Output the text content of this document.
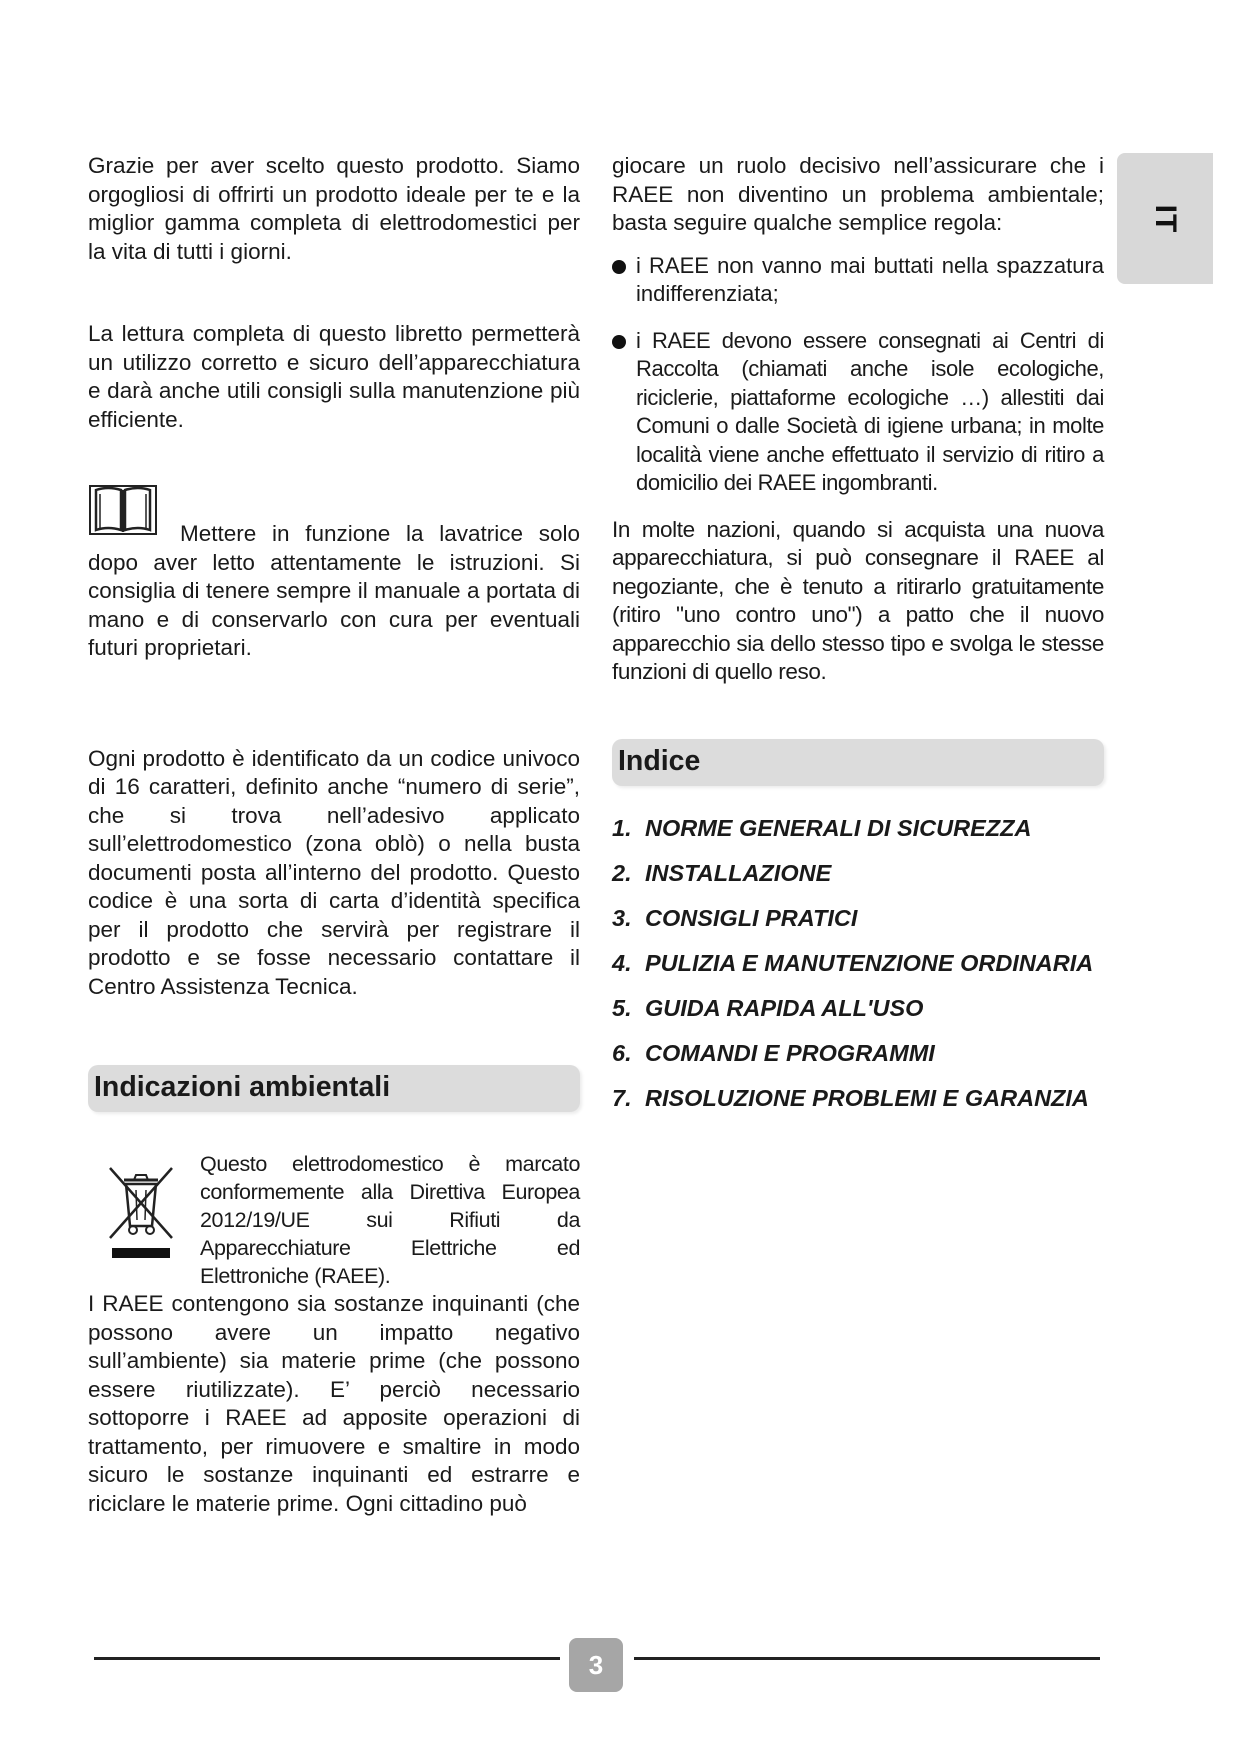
IT

Grazie per aver scelto questo prodotto. Siamo orgogliosi di offrirti un prodotto ideale per te e la miglior gamma completa di elettrodomestici per la vita di tutti i giorni.

La lettura completa di questo libretto permetterà un utilizzo corretto e sicuro dell’apparecchiatura e darà anche utili consigli sulla manutenzione più efficiente.

Mettere in funzione la lavatrice solo dopo aver letto attentamente le istruzioni. Si consiglia di tenere sempre il manuale a portata di mano e di conservarlo con cura per eventuali futuri proprietari.

Ogni prodotto è identificato da un codice univoco di 16 caratteri, definito anche “numero di serie”, che si trova nell’adesivo applicato sull’elettrodomestico (zona oblò) o nella busta documenti posta all’interno del prodotto. Questo codice è una sorta di carta d’identità specifica per il prodotto che servirà per registrare il prodotto e se fosse necessario contattare il Centro Assistenza Tecnica.

Indicazioni ambientali

Questo elettrodomestico è marcato conformemente alla Direttiva Europea 2012/19/UE sui Rifiuti da Apparecchiature Elettriche ed Elettroniche (RAEE).

I RAEE contengono sia sostanze inquinanti (che possono avere un impatto negativo sull’ambiente) sia materie prime (che possono essere riutilizzate). E’ perciò necessario sottoporre i RAEE ad apposite operazioni di trattamento, per rimuovere e smaltire in modo sicuro le sostanze inquinanti ed estrarre e riciclare le materie prime. Ogni cittadino può

giocare un ruolo decisivo nell’assicurare che i RAEE non diventino un problema ambientale; basta seguire qualche semplice regola:

i RAEE non vanno mai buttati nella spazzatura indifferenziata;

i RAEE devono essere consegnati ai Centri di Raccolta (chiamati anche isole ecologiche, riciclerie, piattaforme ecologiche …) allestiti dai Comuni o dalle Società di igiene urbana; in molte località viene anche effettuato il servizio di ritiro a domicilio dei RAEE ingombranti.

In molte nazioni, quando si acquista una nuova apparecchiatura, si può consegnare il RAEE al negoziante, che è tenuto a ritirarlo gratuitamente (ritiro "uno contro uno") a patto che il nuovo apparecchio sia dello stesso tipo e svolga le stesse funzioni di quello reso.

Indice
1. NORME GENERALI DI SICUREZZA
2. INSTALLAZIONE
3. CONSIGLI PRATICI
4. PULIZIA E MANUTENZIONE ORDINARIA
5. GUIDA RAPIDA ALL'USO
6. COMANDI E PROGRAMMI
7. RISOLUZIONE PROBLEMI E GARANZIA
3
